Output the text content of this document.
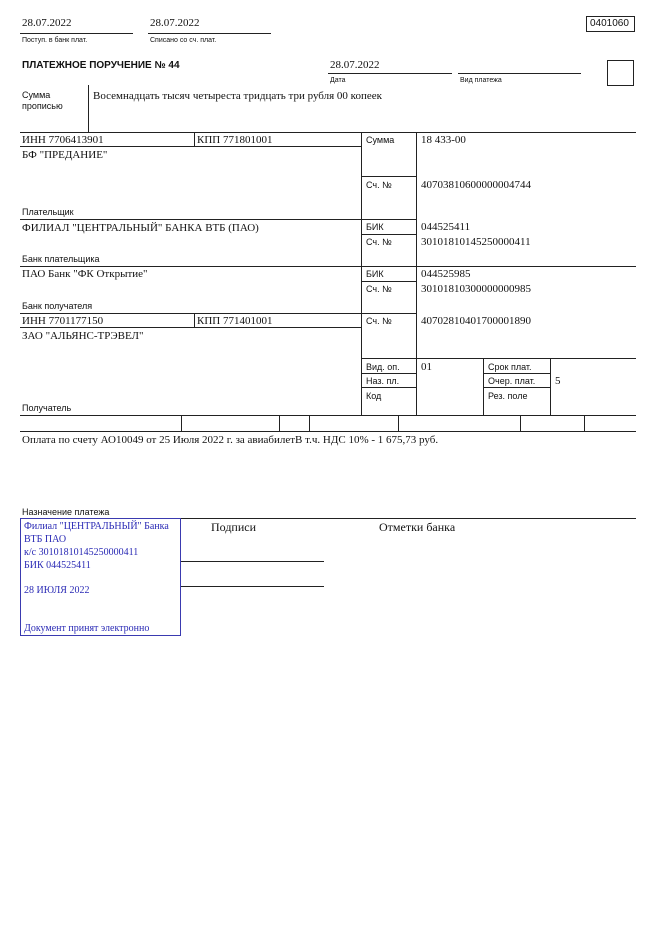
28.07.2022
Поступ. в банк плат.
28.07.2022
Списано со сч. плат.
0401060
ПЛАТЕЖНОЕ ПОРУЧЕНИЕ № 44	28.07.2022
Дата	Вид платежа
Сумма
прописью
Восемнадцать тысяч четыреста тридцать три рубля 00 копеек
ИНН 7706413901	КПП 771801001
БФ "ПРЕДАНИЕ"
Плательщик
Сумма 18 433-00
Сч. №	40703810600000004744
ФИЛИАЛ "ЦЕНТРАЛЬНЫЙ" БАНКА ВТБ (ПАО)
Банк плательщика
БИК	044525411
Сч. №	30101810145250000411
ПАО Банк "ФК Открытие"
Банк получателя
БИК	044525985
Сч. №	30101810300000000985
ИНН 7701177150	КПП 771401001
ЗАО "АЛЬЯНС-ТРЭВЕЛ"
Получатель
Сч. №	40702810401700001890
Вид. оп. 01
Наз. пл.
Код
Срок плат.
Очер. плат. 5
Рез. поле
Оплата по счету АО10049 от 25 Июля 2022 г. за авиабилетВ т.ч. НДС 10% - 1 675,73 руб.
Назначение платежа
Подписи	Отметки банка
Филиал "ЦЕНТРАЛЬНЫЙ" Банка
ВТБ ПАО
к/с 30101810145250000411
БИК 044525411
28 ИЮЛЯ 2022
Документ принят электронно
